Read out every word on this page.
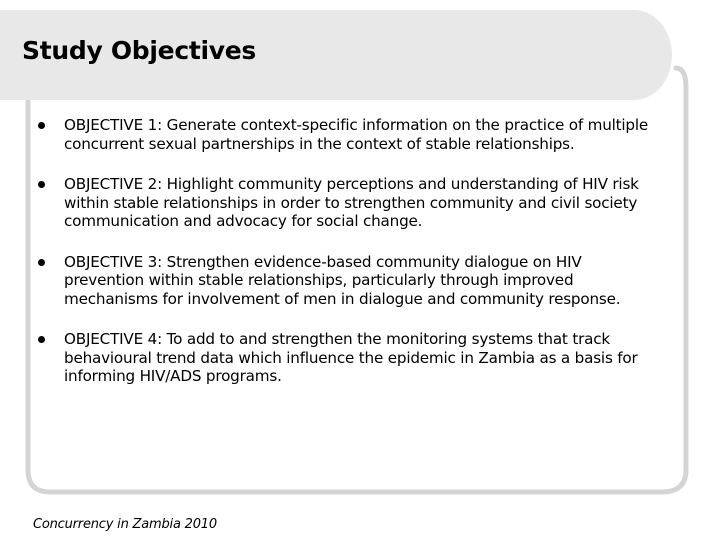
Study Objectives
OBJECTIVE 1: Generate context-specific information on the practice of multiple concurrent sexual partnerships in the context of stable relationships.
OBJECTIVE 2: Highlight community perceptions and understanding of HIV risk within stable relationships in order to strengthen community and civil society communication and advocacy for social change.
OBJECTIVE 3: Strengthen evidence-based community dialogue on HIV prevention within stable relationships, particularly through improved mechanisms for involvement of men in dialogue and community response.
OBJECTIVE 4: To add to and strengthen the monitoring systems that track behavioural trend data which influence the epidemic in Zambia as a basis for informing HIV/ADS programs.
Concurrency in Zambia 2010
